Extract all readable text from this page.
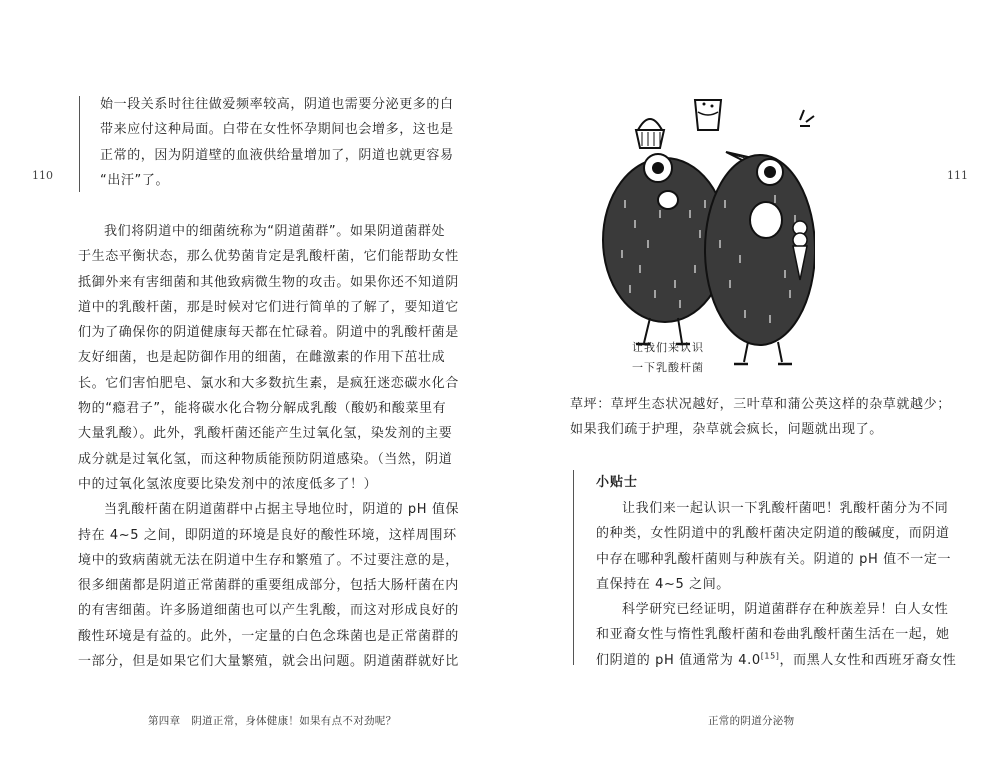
110
始一段关系时往往做爱频率较高，阴道也需要分泌更多的白
带来应付这种局面。白带在女性怀孕期间也会增多，这也是
正常的，因为阴道壁的血液供给量增加了，阴道也就更容易
“出汗”了。
我们将阴道中的细菌统称为“阴道菌群”。如果阴道菌群处
于生态平衡状态，那么优势菌肯定是乳酸杆菌，它们能帮助女性
抵御外来有害细菌和其他致病微生物的攻击。如果你还不知道阴
道中的乳酸杆菌，那是时候对它们进行简单的了解了，要知道它
们为了确保你的阴道健康每天都在忙碌着。阴道中的乳酸杆菌是
友好细菌，也是起防御作用的细菌，在雌激素的作用下茁壮成
长。它们害怕肥皂、氯水和大多数抗生素，是疯狂迷恋碳水化合
物的“瘾君子”，能将碳水化合物分解成乳酸（酸奶和酸菜里有
大量乳酸）。此外，乳酸杆菌还能产生过氧化氢，染发剂的主要
成分就是过氧化氢，而这种物质能预防阴道感染。（当然，阴道
中的过氧化氢浓度要比染发剂中的浓度低多了！）
当乳酸杆菌在阴道菌群中占据主导地位时，阴道的 pH 值保
持在 4~5 之间，即阴道的环境是良好的酸性环境，这样周围环
境中的致病菌就无法在阴道中生存和繁殖了。不过要注意的是，
很多细菌都是阴道正常菌群的重要组成部分，包括大肠杆菌在内
的有害细菌。许多肠道细菌也可以产生乳酸，而这对形成良好的
酸性环境是有益的。此外，一定量的白色念珠菌也是正常菌群的
一部分，但是如果它们大量繁殖，就会出问题。阴道菌群就好比
第四章　阴道正常，身体健康！如果有点不对劲呢？
111
正常的阴道分泌物
让我们来认识
一下乳酸杆菌
草坪：草坪生态状况越好，三叶草和蒲公英这样的杂草就越少；
如果我们疏于护理，杂草就会疯长，问题就出现了。
小贴士
让我们来一起认识一下乳酸杆菌吧！乳酸杆菌分为不同
的种类，女性阴道中的乳酸杆菌决定阴道的酸碱度，而阴道
中存在哪种乳酸杆菌则与种族有关。阴道的 pH 值不一定一
直保持在 4~5 之间。
科学研究已经证明，阴道菌群存在种族差异！白人女性
和亚裔女性与惰性乳酸杆菌和卷曲乳酸杆菌生活在一起，她
们阴道的 pH 值通常为 4.0[15]，而黑人女性和西班牙裔女性
